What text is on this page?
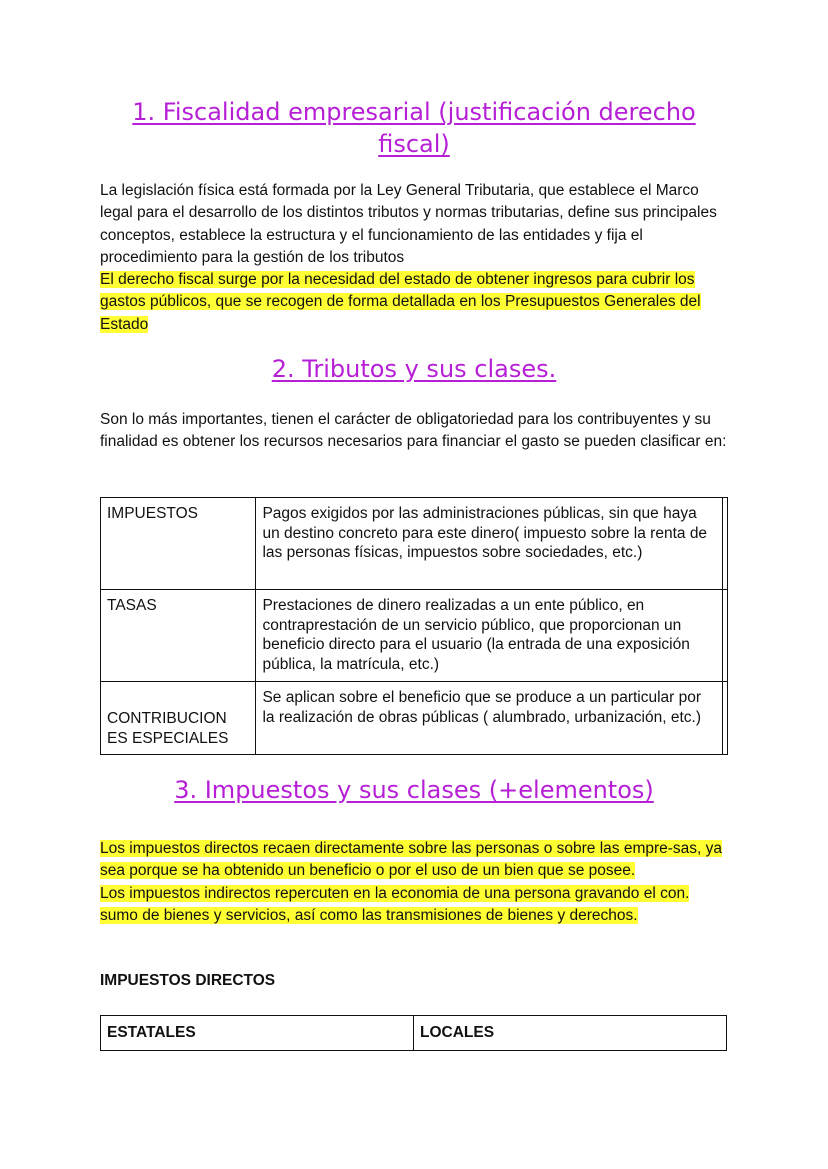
1. Fiscalidad empresarial (justificación derecho fiscal)

La legislación física está formada por la Ley General Tributaria, que establece el Marco legal para el desarrollo de los distintos tributos y normas tributarias, define sus principales conceptos, establece la estructura y el funcionamiento de las entidades y fija el procedimiento para la gestión de los tributos
El derecho fiscal surge por la necesidad del estado de obtener ingresos para cubrir los gastos públicos, que se recogen de forma detallada en los Presupuestos Generales del Estado

2. Tributos y sus clases.

Son lo más importantes, tienen el carácter de obligatoriedad para los contribuyentes y su finalidad es obtener los recursos necesarios para financiar el gasto se pueden clasificar en:

IMPUESTOS	Pagos exigidos por las administraciones públicas, sin que haya un destino concreto para este dinero( impuesto sobre la renta de las personas físicas, impuestos sobre sociedades, etc.)	
TASAS	Prestaciones de dinero realizadas a un ente público, en contraprestación de un servicio público, que proporcionan un beneficio directo para el usuario (la entrada de una exposición pública, la matrícula, etc.)	
CONTRIBUCION ES ESPECIALES	Se aplican sobre el beneficio que se produce a un particular por la realización de obras públicas ( alumbrado, urbanización, etc.)	
3. Impuestos y sus clases (+elementos)

Los impuestos directos recaen directamente sobre las personas o sobre las empre-sas, ya sea porque se ha obtenido un beneficio o por el uso de un bien que se posee.
Los impuestos indirectos repercuten en la economia de una persona gravando el con. sumo de bienes y servicios, así como las transmisiones de bienes y derechos.

IMPUESTOS DIRECTOS
ESTATALES	LOCALES
